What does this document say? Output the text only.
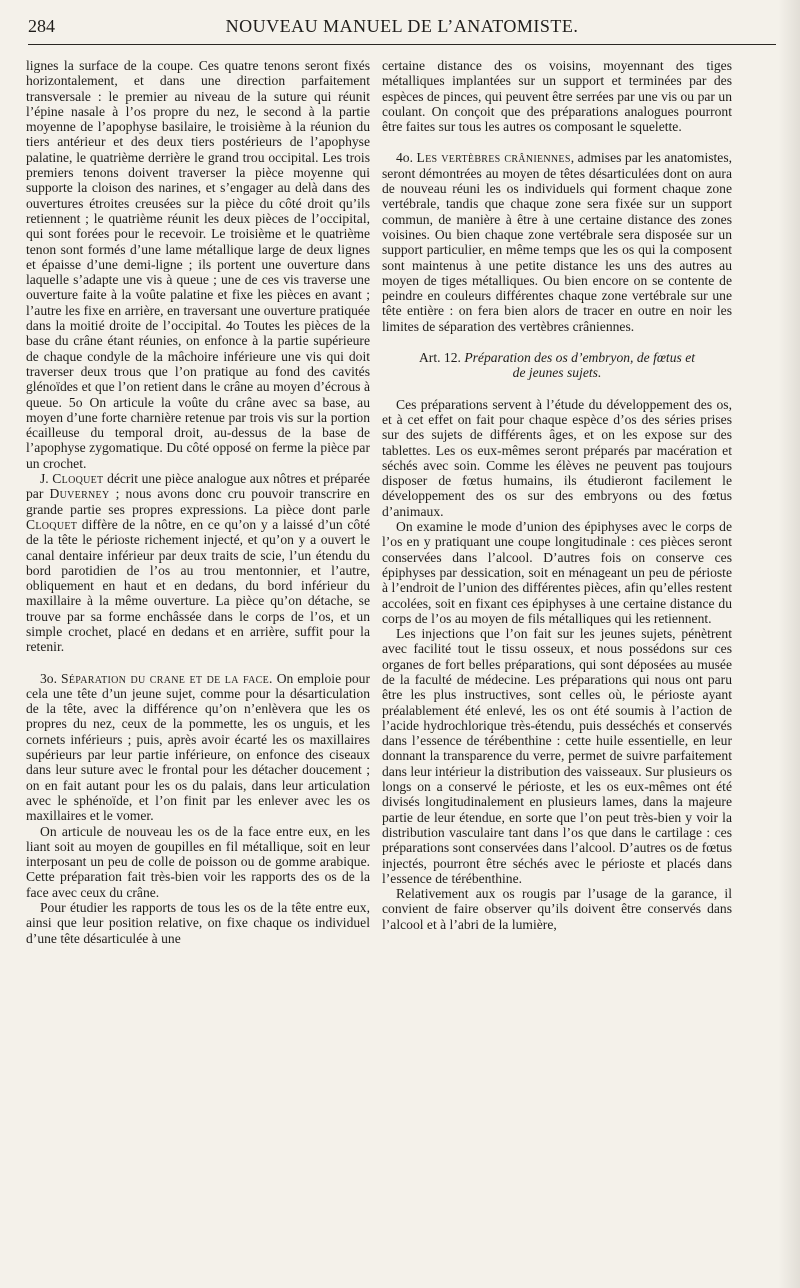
284	NOUVEAU MANUEL DE L’ANATOMISTE.

lignes la surface de la coupe. Ces quatre tenons seront fixés horizontalement, et dans une direction parfaitement transversale : le premier au niveau de la suture qui réunit l’épine nasale à l’os propre du nez, le second à la partie moyenne de l’apophyse basilaire, le troisième à la réunion du tiers antérieur et des deux tiers postérieurs de l’apophyse palatine, le quatrième derrière le grand trou occipital. Les trois premiers tenons doivent traverser la pièce moyenne qui supporte la cloison des narines, et s’engager au delà dans des ouvertures étroites creusées sur la pièce du côté droit qu’ils retiennent ; le quatrième réunit les deux pièces de l’occipital, qui sont forées pour le recevoir. Le troisième et le quatrième tenon sont formés d’une lame métallique large de deux lignes et épaisse d’une demi-ligne ; ils portent une ouverture dans laquelle s’adapte une vis à queue ; une de ces vis traverse une ouverture faite à la voûte palatine et fixe les pièces en avant ; l’autre les fixe en arrière, en traversant une ouverture pratiquée dans la moitié droite de l’occipital. 4o Toutes les pièces de la base du crâne étant réunies, on enfonce à la partie supérieure de chaque condyle de la mâchoire inférieure une vis qui doit traverser deux trous que l’on pratique au fond des cavités glénoïdes et que l’on retient dans le crâne au moyen d’écrous à queue. 5o On articule la voûte du crâne avec sa base, au moyen d’une forte charnière retenue par trois vis sur la portion écailleuse du temporal droit, au-dessus de la base de l’apophyse zygomatique. Du côté opposé on ferme la pièce par un crochet.

J. Cloquet décrit une pièce analogue aux nôtres et préparée par Duverney ; nous avons donc cru pouvoir transcrire en grande partie ses propres expressions. La pièce dont parle Cloquet diffère de la nôtre, en ce qu’on y a laissé d’un côté de la tête le périoste richement injecté, et qu’on y a ouvert le canal dentaire inférieur par deux traits de scie, l’un étendu du bord parotidien de l’os au trou mentonnier, et l’autre, obliquement en haut et en dedans, du bord inférieur du maxillaire à la même ouverture. La pièce qu’on détache, se trouve par sa forme enchâssée dans le corps de l’os, et un simple crochet, placé en dedans et en arrière, suffit pour la retenir.

3o. Séparation du crane et de la face. On emploie pour cela une tête d’un jeune sujet, comme pour la désarticulation de la tête, avec la différence qu’on n’enlèvera que les os propres du nez, ceux de la pommette, les os unguis, et les cornets inférieurs ; puis, après avoir écarté les os maxillaires supérieurs par leur partie inférieure, on enfonce des ciseaux dans leur suture avec le frontal pour les détacher doucement ; on en fait autant pour les os du palais, dans leur articulation avec le sphénoïde, et l’on finit par les enlever avec les os maxillaires et le vomer.

On articule de nouveau les os de la face entre eux, en les liant soit au moyen de goupilles en fil métallique, soit en leur interposant un peu de colle de poisson ou de gomme arabique. Cette préparation fait très-bien voir les rapports des os de la face avec ceux du crâne.

Pour étudier les rapports de tous les os de la tête entre eux, ainsi que leur position relative, on fixe chaque os individuel d’une tête désarticulée à une

certaine distance des os voisins, moyennant des tiges métalliques implantées sur un support et terminées par des espèces de pinces, qui peuvent être serrées par une vis ou par un coulant. On conçoit que des préparations analogues pourront être faites sur tous les autres os composant le squelette.

4o. Les vertèbres crâniennes, admises par les anatomistes, seront démontrées au moyen de têtes désarticulées dont on aura de nouveau réuni les os individuels qui forment chaque zone vertébrale, tandis que chaque zone sera fixée sur un support commun, de manière à être à une certaine distance des zones voisines. Ou bien chaque zone vertébrale sera disposée sur un support particulier, en même temps que les os qui la composent sont maintenus à une petite distance les uns des autres au moyen de tiges métalliques. Ou bien encore on se contente de peindre en couleurs différentes chaque zone vertébrale sur une tête entière : on fera bien alors de tracer en outre en noir les limites de séparation des vertèbres crâniennes.

Art. 12. Préparation des os d’embryon, de fœtus et
de jeunes sujets.

Ces préparations servent à l’étude du développement des os, et à cet effet on fait pour chaque espèce d’os des séries prises sur des sujets de différents âges, et on les expose sur des tablettes. Les os eux-mêmes seront préparés par macération et séchés avec soin. Comme les élèves ne peuvent pas toujours disposer de fœtus humains, ils étudieront facilement le développement des os sur des embryons ou des fœtus d’animaux.

On examine le mode d’union des épiphyses avec le corps de l’os en y pratiquant une coupe longitudinale : ces pièces seront conservées dans l’alcool. D’autres fois on conserve ces épiphyses par dessication, soit en ménageant un peu de périoste à l’endroit de l’union des différentes pièces, afin qu’elles restent accolées, soit en fixant ces épiphyses à une certaine distance du corps de l’os au moyen de fils métalliques qui les retiennent.

Les injections que l’on fait sur les jeunes sujets, pénètrent avec facilité tout le tissu osseux, et nous possédons sur ces organes de fort belles préparations, qui sont déposées au musée de la faculté de médecine. Les préparations qui nous ont paru être les plus instructives, sont celles où, le périoste ayant préalablement été enlevé, les os ont été soumis à l’action de l’acide hydrochlorique très-étendu, puis desséchés et conservés dans l’essence de térébenthine : cette huile essentielle, en leur donnant la transparence du verre, permet de suivre parfaitement dans leur intérieur la distribution des vaisseaux. Sur plusieurs os longs on a conservé le périoste, et les os eux-mêmes ont été divisés longitudinalement en plusieurs lames, dans la majeure partie de leur étendue, en sorte que l’on peut très-bien y voir la distribution vasculaire tant dans l’os que dans le cartilage : ces préparations sont conservées dans l’alcool. D’autres os de fœtus injectés, pourront être séchés avec le périoste et placés dans l’essence de térébenthine.

Relativement aux os rougis par l’usage de la garance, il convient de faire observer qu’ils doivent être conservés dans l’alcool et à l’abri de la lumière,
